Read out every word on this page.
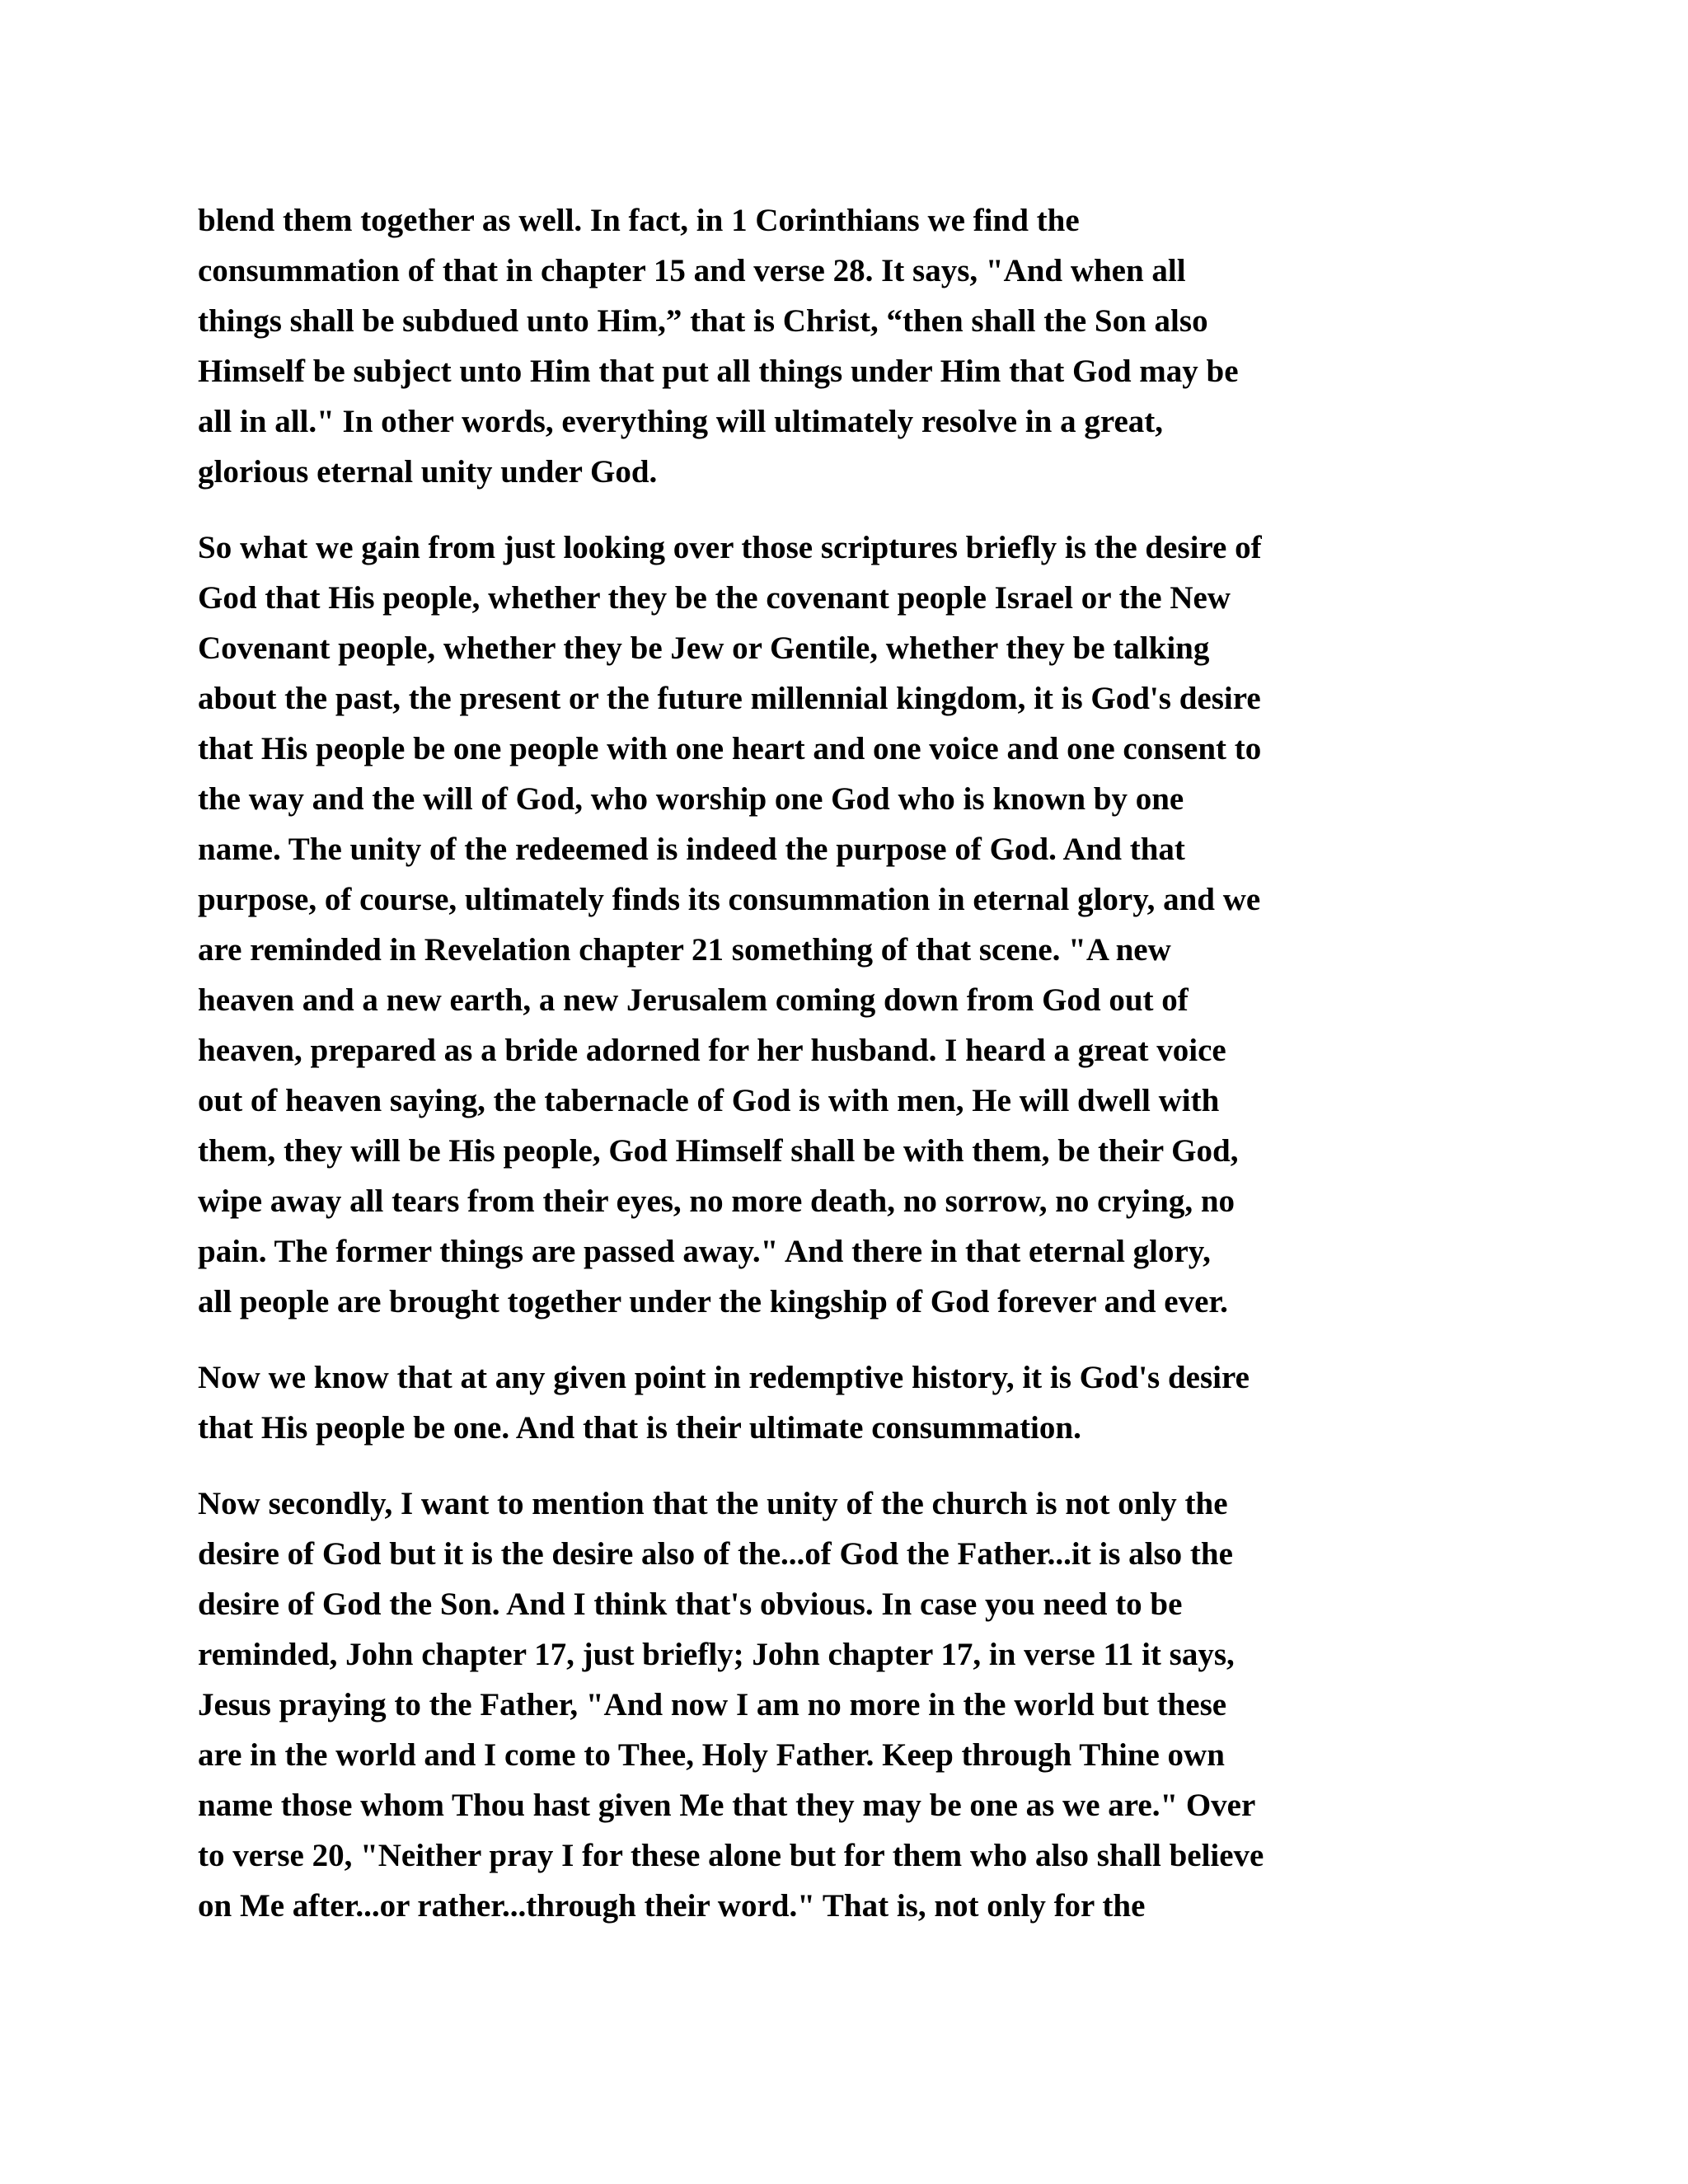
blend them together as well. In fact, in 1 Corinthians we find the
consummation of that in chapter 15 and verse 28. It says, "And when all
things shall be subdued unto Him,” that is Christ, “then shall the Son also
Himself be subject unto Him that put all things under Him that God may be
all in all." In other words, everything will ultimately resolve in a great,
glorious eternal unity under God.
So what we gain from just looking over those scriptures briefly is the desire of
God that His people, whether they be the covenant people Israel or the New
Covenant people, whether they be Jew or Gentile, whether they be talking
about the past, the present or the future millennial kingdom, it is God's desire
that His people be one people with one heart and one voice and one consent to
the way and the will of God, who worship one God who is known by one
name. The unity of the redeemed is indeed the purpose of God. And that
purpose, of course, ultimately finds its consummation in eternal glory, and we
are reminded in Revelation chapter 21 something of that scene. "A new
heaven and a new earth, a new Jerusalem coming down from God out of
heaven, prepared as a bride adorned for her husband. I heard a great voice
out of heaven saying, the tabernacle of God is with men, He will dwell with
them, they will be His people, God Himself shall be with them, be their God,
wipe away all tears from their eyes, no more death, no sorrow, no crying, no
pain. The former things are passed away." And there in that eternal glory,
all people are brought together under the kingship of God forever and ever.
Now we know that at any given point in redemptive history, it is God's desire
that His people be one. And that is their ultimate consummation.
Now secondly, I want to mention that the unity of the church is not only the
desire of God but it is the desire also of the...of God the Father...it is also the
desire of God the Son. And I think that's obvious. In case you need to be
reminded, John chapter 17, just briefly; John chapter 17, in verse 11 it says,
Jesus praying to the Father, "And now I am no more in the world but these
are in the world and I come to Thee, Holy Father. Keep through Thine own
name those whom Thou hast given Me that they may be one as we are." Over
to verse 20, "Neither pray I for these alone but for them who also shall believe
on Me after...or rather...through their word." That is, not only for the
